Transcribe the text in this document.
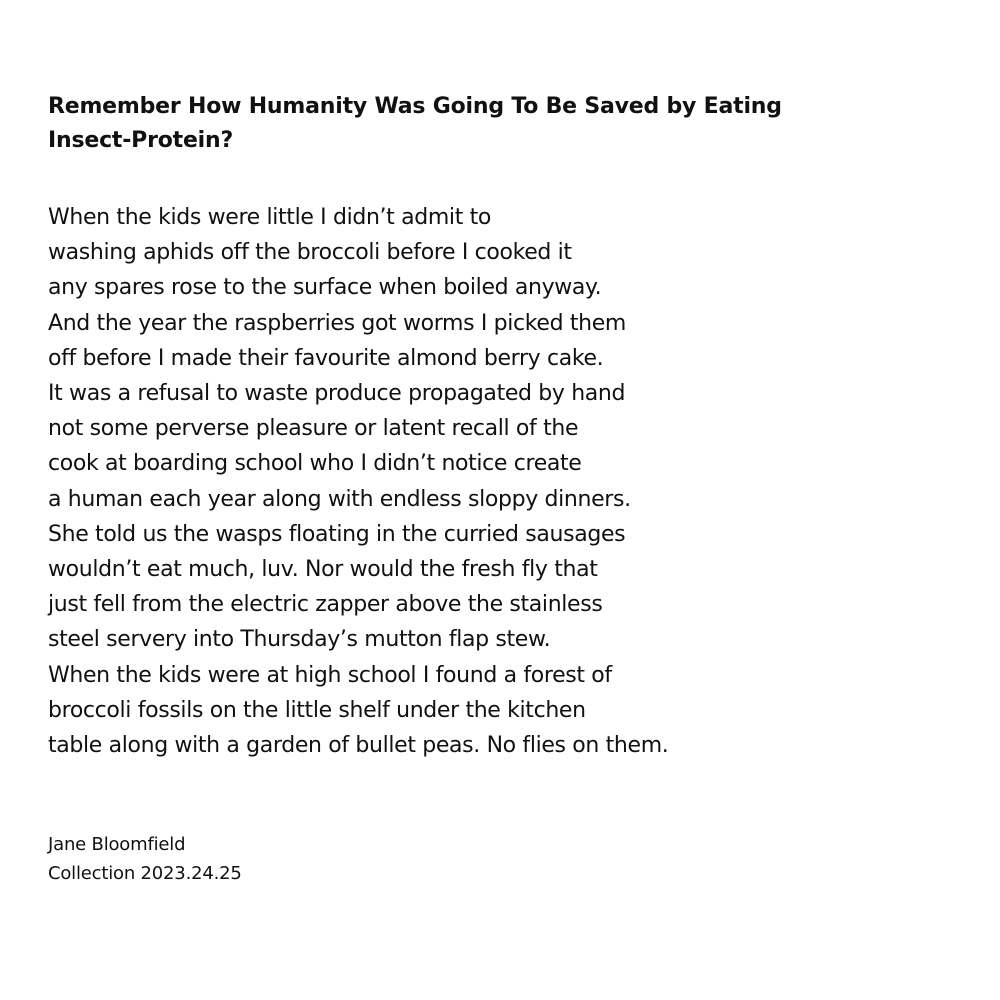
Remember How Humanity Was Going To Be Saved by Eating
Insect-Protein?
When the kids were little I didn’t admit to
washing aphids off the broccoli before I cooked it
any spares rose to the surface when boiled anyway.
And the year the raspberries got worms I picked them
off before I made their favourite almond berry cake.
It was a refusal to waste produce propagated by hand
not some perverse pleasure or latent recall of the
cook at boarding school who I didn’t notice create
a human each year along with endless sloppy dinners.
She told us the wasps floating in the curried sausages
wouldn’t eat much, luv. Nor would the fresh fly that
just fell from the electric zapper above the stainless
steel servery into Thursday’s mutton flap stew.
When the kids were at high school I found a forest of
broccoli fossils on the little shelf under the kitchen
table along with a garden of bullet peas. No flies on them.
Jane Bloomfield
Collection 2023.24.25
